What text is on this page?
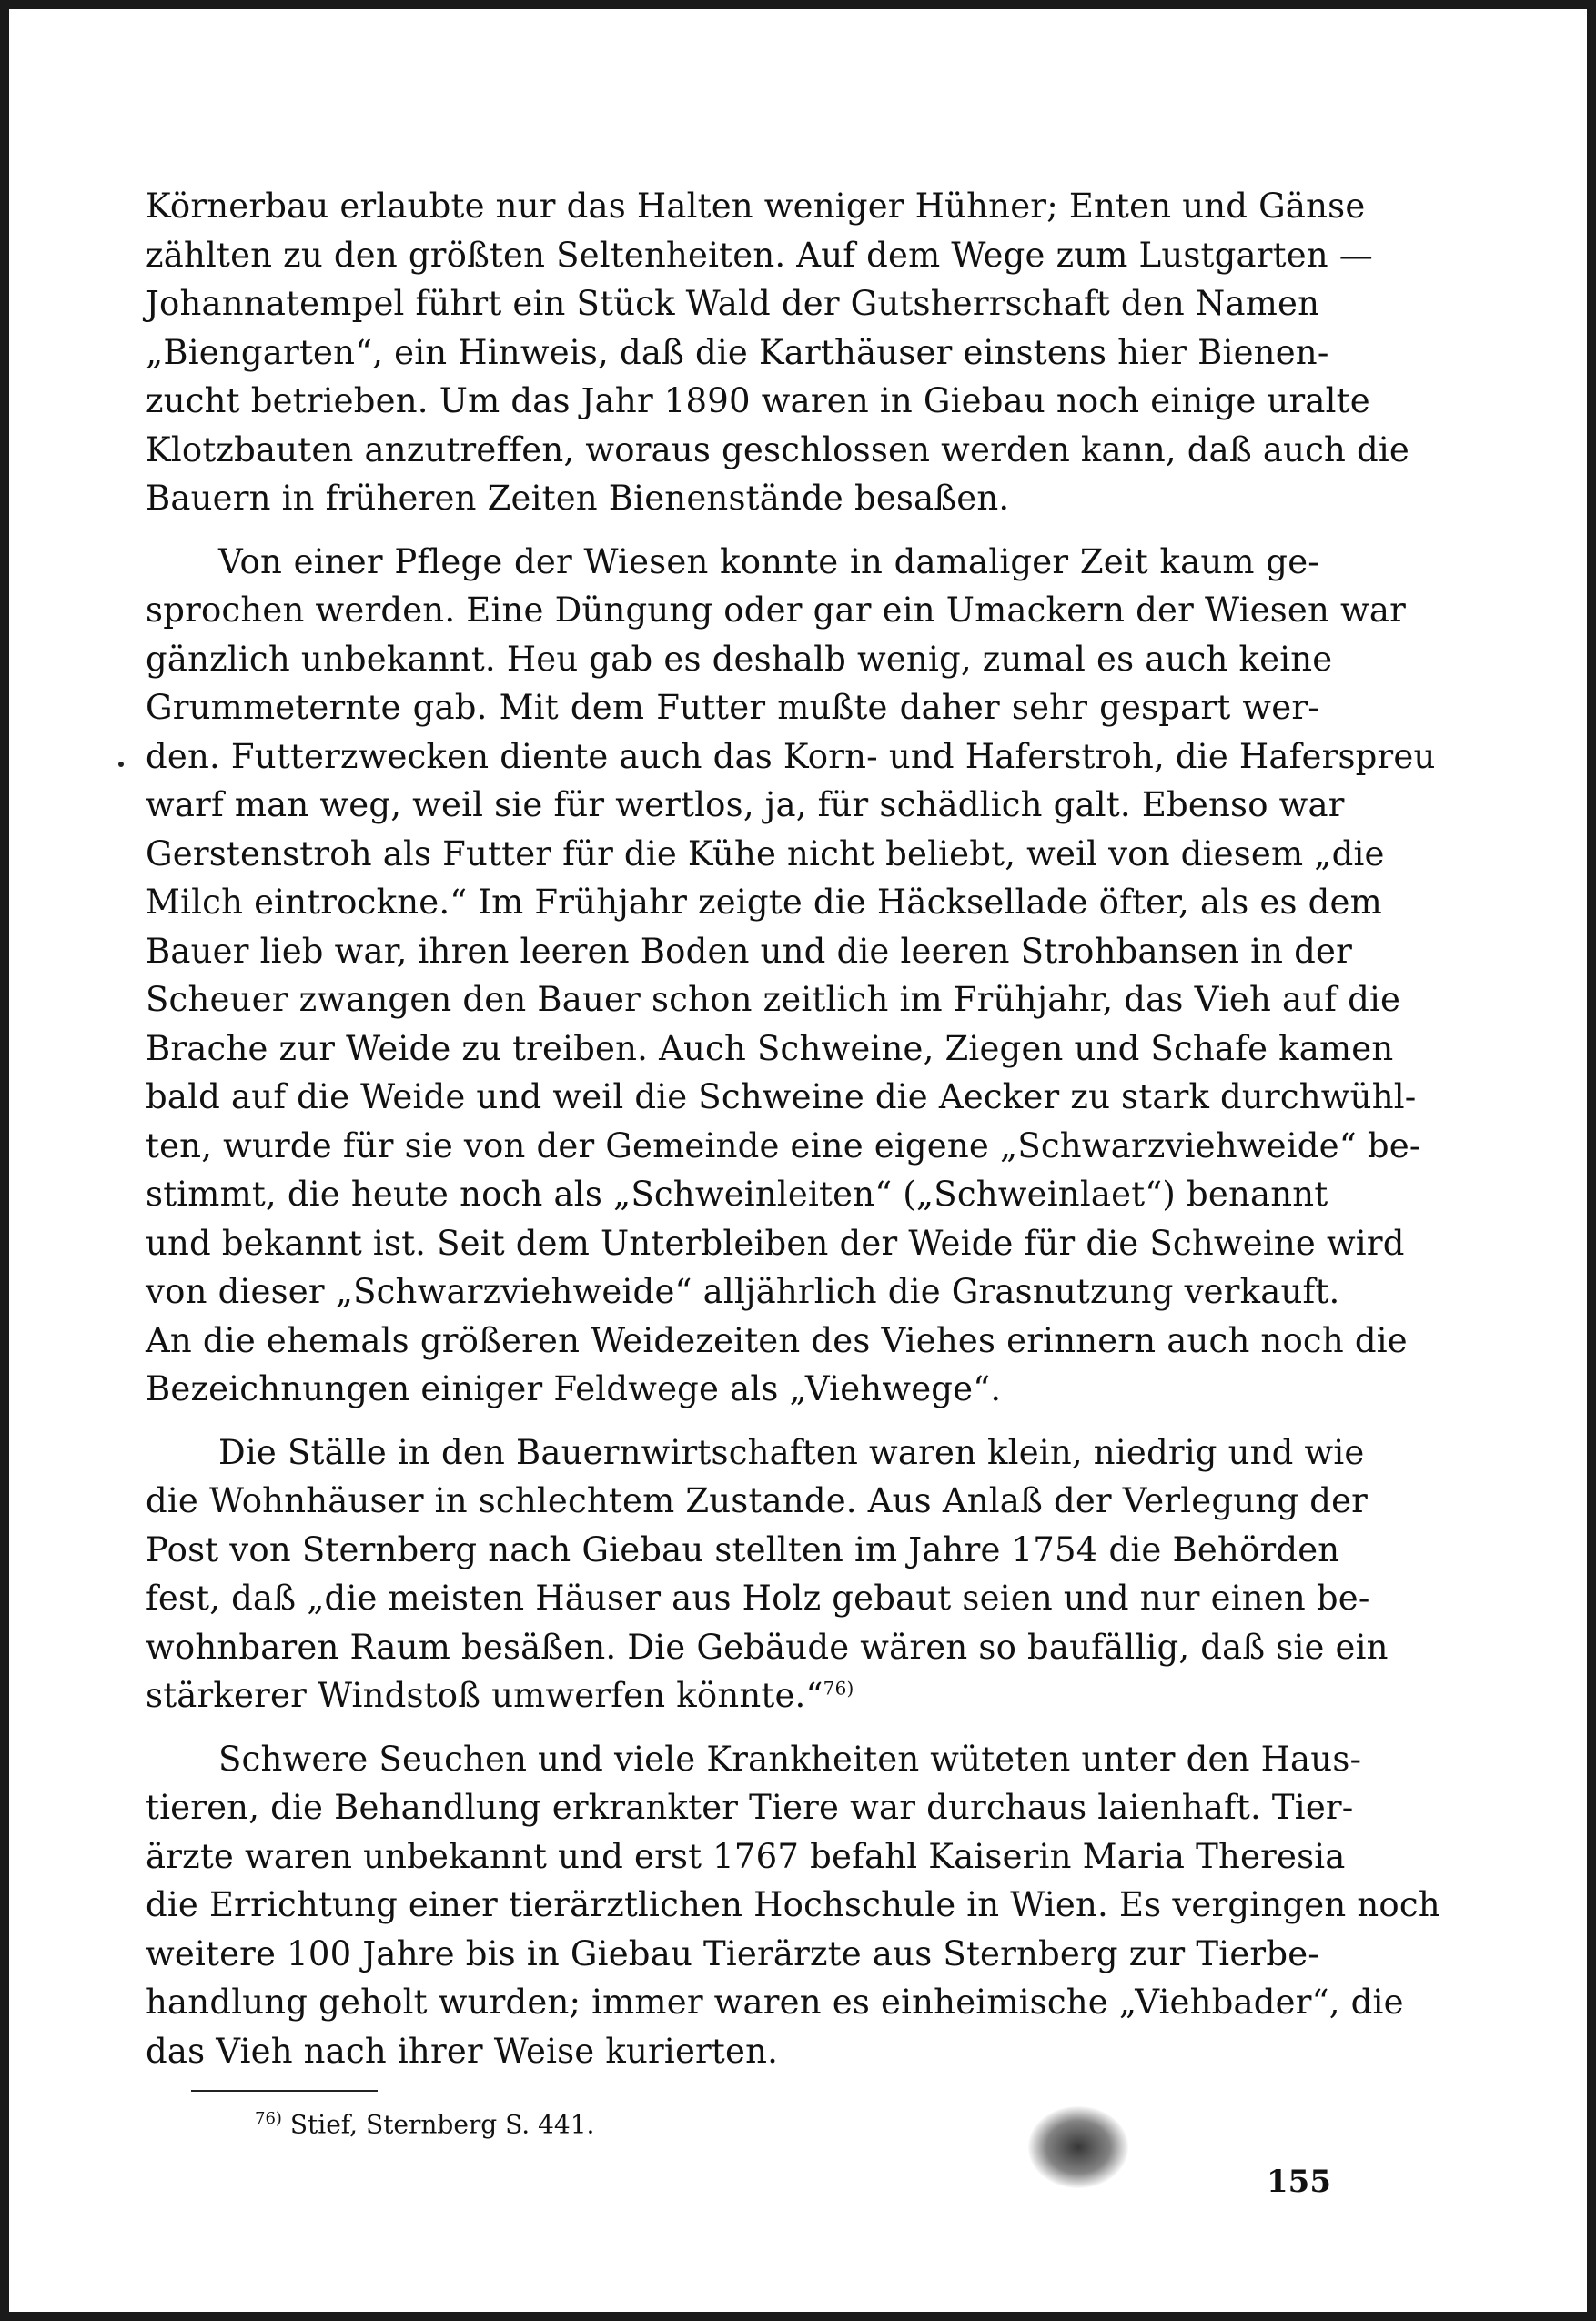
Körnerbau erlaubte nur das Halten weniger Hühner; Enten und Gänse
zählten zu den größten Seltenheiten. Auf dem Wege zum Lustgarten —
Johannatempel führt ein Stück Wald der Gutsherrschaft den Namen
„Biengarten“, ein Hinweis, daß die Karthäuser einstens hier Bienen-
zucht betrieben. Um das Jahr 1890 waren in Giebau noch einige uralte
Klotzbauten anzutreffen, woraus geschlossen werden kann, daß auch die
Bauern in früheren Zeiten Bienenstände besaßen.

Von einer Pflege der Wiesen konnte in damaliger Zeit kaum ge-
sprochen werden. Eine Düngung oder gar ein Umackern der Wiesen war
gänzlich unbekannt. Heu gab es deshalb wenig, zumal es auch keine
Grummeternte gab. Mit dem Futter mußte daher sehr gespart wer-
den. Futterzwecken diente auch das Korn- und Haferstroh, die Haferspreu
warf man weg, weil sie für wertlos, ja, für schädlich galt. Ebenso war
Gerstenstroh als Futter für die Kühe nicht beliebt, weil von diesem „die
Milch eintrockne.“ Im Frühjahr zeigte die Häcksellade öfter, als es dem
Bauer lieb war, ihren leeren Boden und die leeren Strohbansen in der
Scheuer zwangen den Bauer schon zeitlich im Frühjahr, das Vieh auf die
Brache zur Weide zu treiben. Auch Schweine, Ziegen und Schafe kamen
bald auf die Weide und weil die Schweine die Aecker zu stark durchwühl-
ten, wurde für sie von der Gemeinde eine eigene „Schwarzviehweide“ be-
stimmt, die heute noch als „Schweinleiten“ („Schweinlaet“) benannt
und bekannt ist. Seit dem Unterbleiben der Weide für die Schweine wird
von dieser „Schwarzviehweide“ alljährlich die Grasnutzung verkauft.
An die ehemals größeren Weidezeiten des Viehes erinnern auch noch die
Bezeichnungen einiger Feldwege als „Viehwege“.

Die Ställe in den Bauernwirtschaften waren klein, niedrig und wie
die Wohnhäuser in schlechtem Zustande. Aus Anlaß der Verlegung der
Post von Sternberg nach Giebau stellten im Jahre 1754 die Behörden
fest, daß „die meisten Häuser aus Holz gebaut seien und nur einen be-
wohnbaren Raum besäßen. Die Gebäude wären so baufällig, daß sie ein
stärkerer Windstoß umwerfen könnte.“$^{76)}$

Schwere Seuchen und viele Krankheiten wüteten unter den Haus-
tieren, die Behandlung erkrankter Tiere war durchaus laienhaft. Tier-
ärzte waren unbekannt und erst 1767 befahl Kaiserin Maria Theresia
die Errichtung einer tierärztlichen Hochschule in Wien. Es vergingen noch
weitere 100 Jahre bis in Giebau Tierärzte aus Sternberg zur Tierbe-
handlung geholt wurden; immer waren es einheimische „Viehbader“, die
das Vieh nach ihrer Weise kurierten.

$^{76)}$ Stief, Sternberg S. 441.
155
